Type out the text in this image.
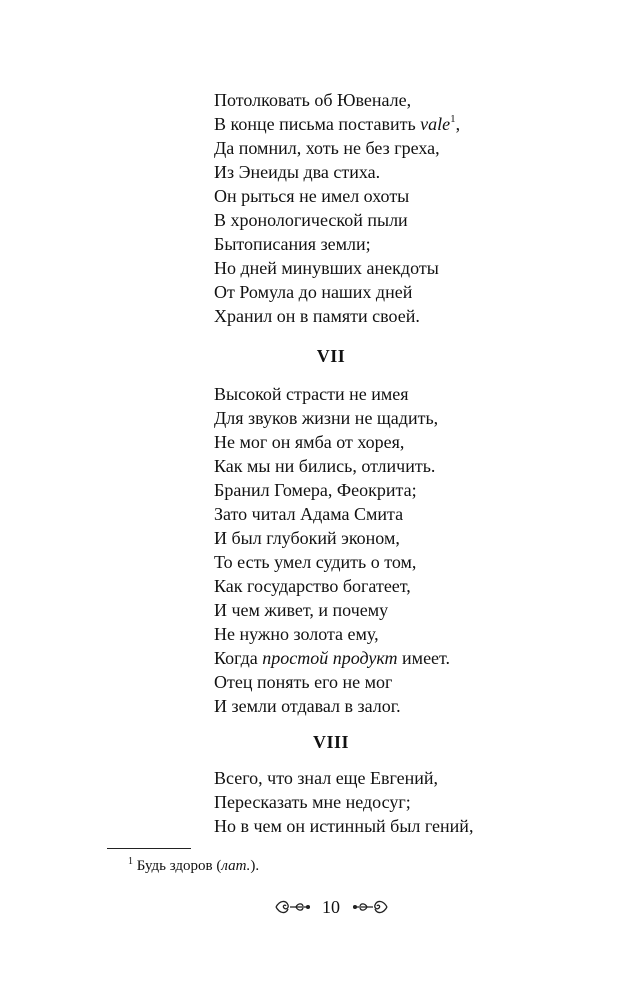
Потолковать об Ювенале,
В конце письма поставить vale$^1$,
Да помнил, хоть не без греха,
Из Энеиды два стиха.
Он рыться не имел охоты
В хронологической пыли
Бытописания земли;
Но дней минувших анекдоты
От Ромула до наших дней
Хранил он в памяти своей.
VII
Высокой страсти не имея
Для звуков жизни не щадить,
Не мог он ямба от хорея,
Как мы ни бились, отличить.
Бранил Гомера, Феокрита;
Зато читал Адама Смита
И был глубокий эконом,
То есть умел судить о том,
Как государство богатеет,
И чем живет, и почему
Не нужно золота ему,
Когда простой продукт имеет.
Отец понять его не мог
И земли отдавал в залог.
VIII
Всего, что знал еще Евгений,
Пересказать мне недосуг;
Но в чем он истинный был гений,
$^1$ Будь здоров (лат.).
10
